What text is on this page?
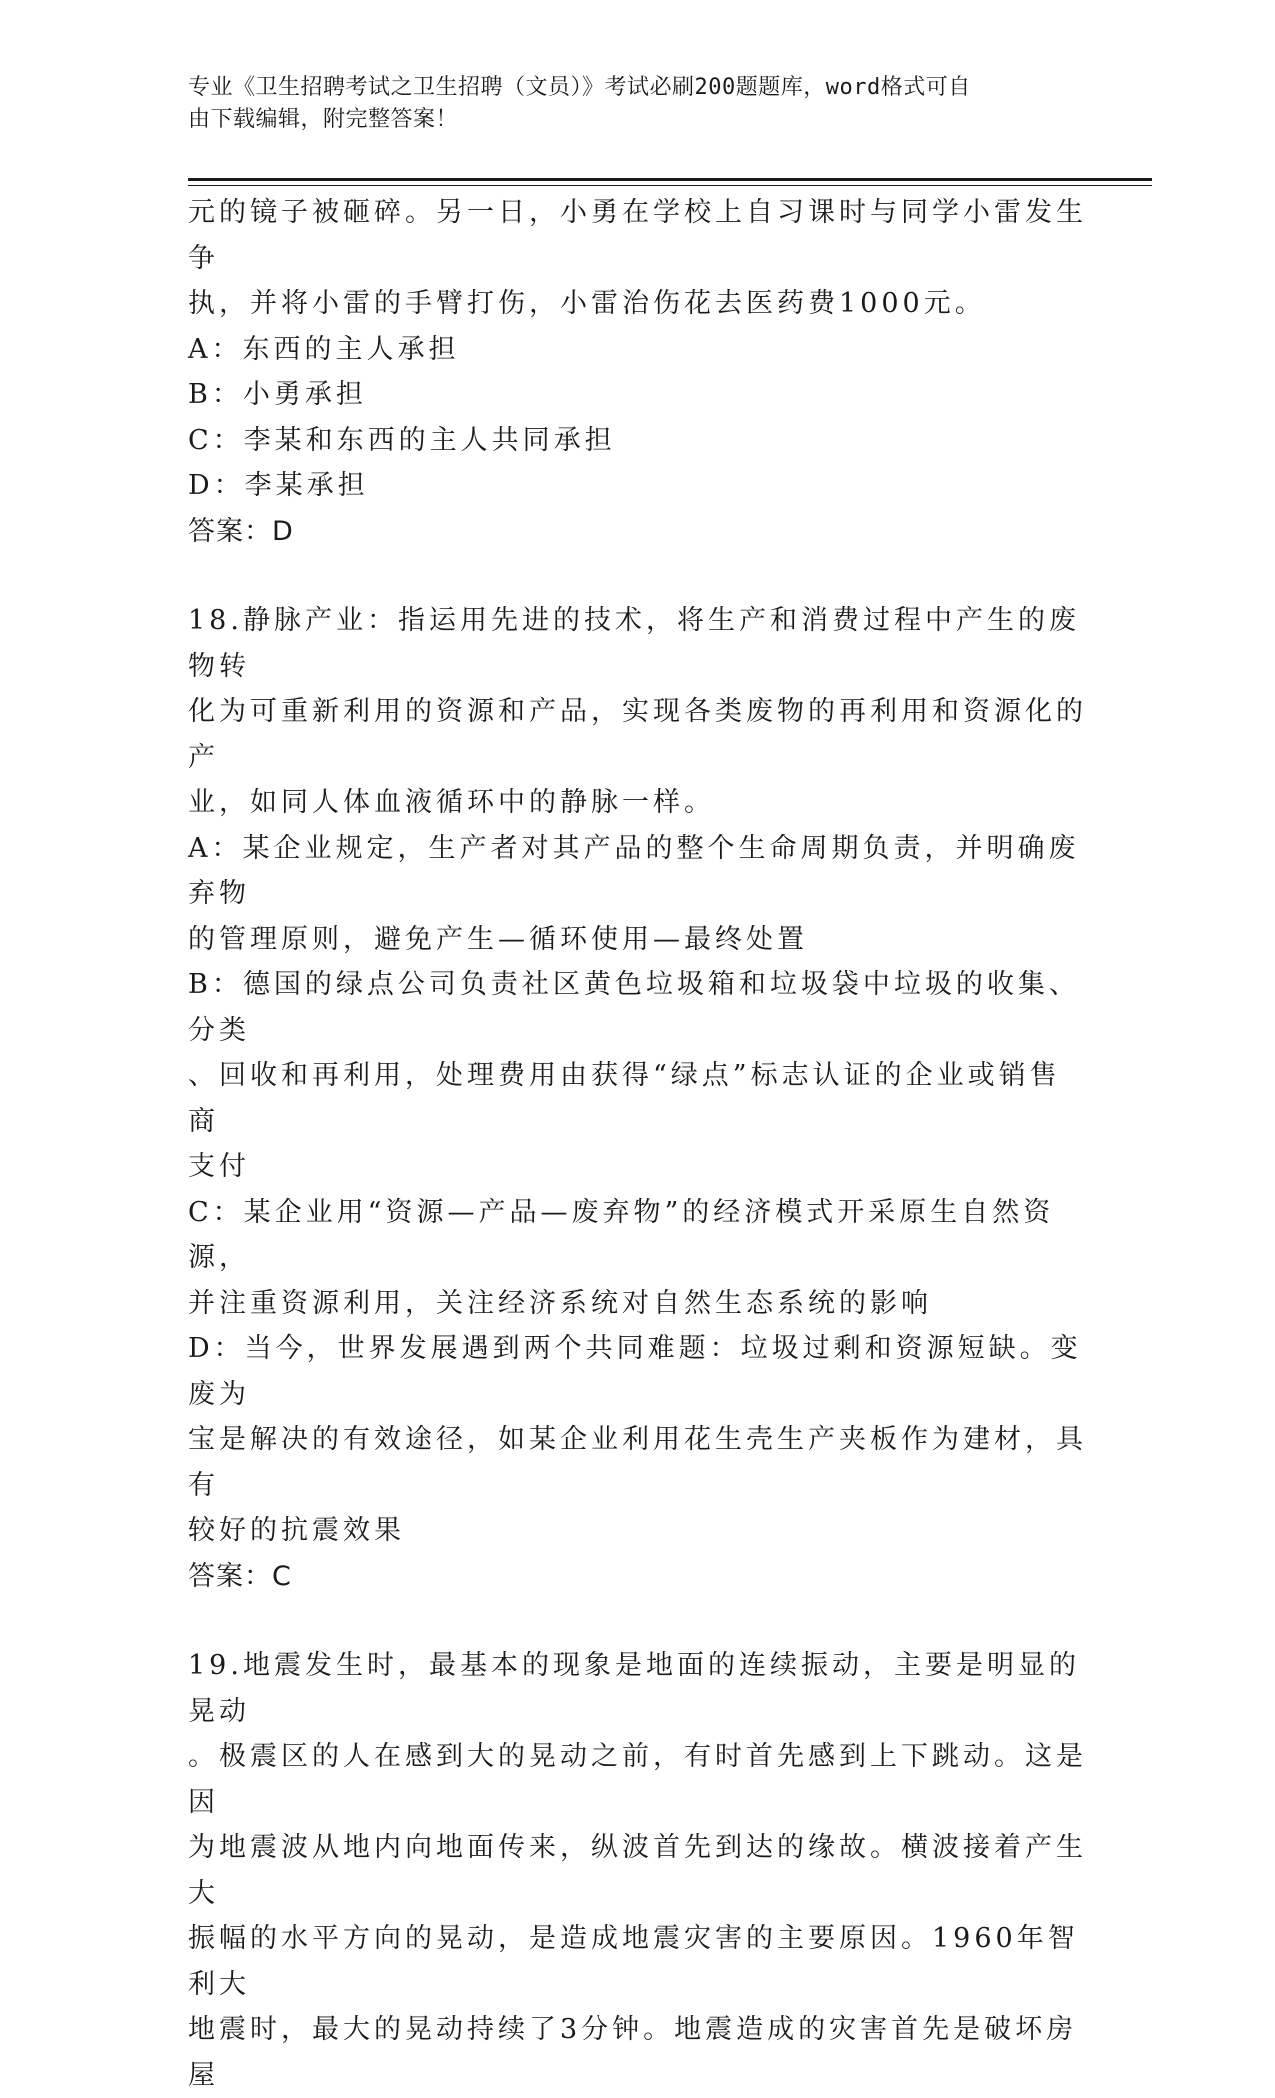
专业《卫生招聘考试之卫生招聘（文员）》考试必刷200题题库，word格式可自
由下载编辑，附完整答案！

元的镜子被砸碎。另一日，小勇在学校上自习课时与同学小雷发生争

执，并将小雷的手臂打伤，小雷治伤花去医药费1000元。

A：东西的主人承担

B：小勇承担

C：李某和东西的主人共同承担

D：李某承担

答案：D

18.静脉产业：指运用先进的技术，将生产和消费过程中产生的废物转

化为可重新利用的资源和产品，实现各类废物的再利用和资源化的产

业，如同人体血液循环中的静脉一样。

A：某企业规定，生产者对其产品的整个生命周期负责，并明确废弃物

的管理原则，避免产生—循环使用—最终处置

B：德国的绿点公司负责社区黄色垃圾箱和垃圾袋中垃圾的收集、分类

、回收和再利用，处理费用由获得“绿点”标志认证的企业或销售商

支付

C：某企业用“资源—产品—废弃物”的经济模式开采原生自然资源，

并注重资源利用，关注经济系统对自然生态系统的影响

D：当今，世界发展遇到两个共同难题：垃圾过剩和资源短缺。变废为

宝是解决的有效途径，如某企业利用花生壳生产夹板作为建材，具有

较好的抗震效果

答案：C

19.地震发生时，最基本的现象是地面的连续振动，主要是明显的晃动

。极震区的人在感到大的晃动之前，有时首先感到上下跳动。这是因

为地震波从地内向地面传来，纵波首先到达的缘故。横波接着产生大

振幅的水平方向的晃动，是造成地震灾害的主要原因。1960年智利大

地震时，最大的晃动持续了3分钟。地震造成的灾害首先是破坏房屋
